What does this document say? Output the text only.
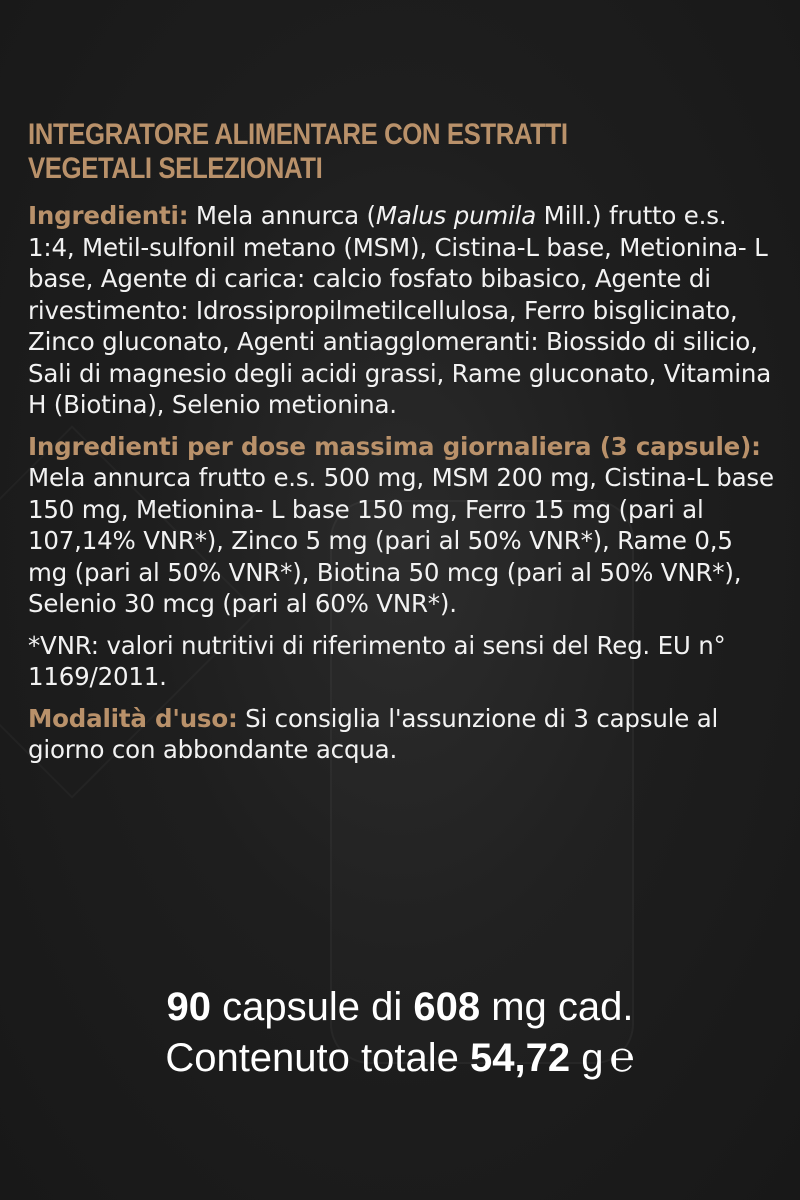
INTEGRATORE ALIMENTARE CON ESTRATTI
VEGETALI SELEZIONATI

Ingredienti: Mela annurca (Malus pumila Mill.) frutto e.s. 1:4, Metil-sulfonil metano (MSM), Cistina-L base, Metionina- L base, Agente di carica: calcio fosfato bibasico, Agente di rivestimento: Idrossipropilmetilcellulosa, Ferro bisglicinato, Zinco gluconato, Agenti antiagglomeranti: Biossido di silicio, Sali di magnesio degli acidi grassi, Rame gluconato, Vitamina H (Biotina), Selenio metionina.

Ingredienti per dose massima giornaliera (3 capsule): Mela annurca frutto e.s. 500 mg, MSM 200 mg, Cistina-L base 150 mg, Metionina- L base 150 mg, Ferro 15 mg (pari al 107,14% VNR*), Zinco 5 mg (pari al 50% VNR*), Rame 0,5 mg (pari al 50% VNR*), Biotina 50 mcg (pari al 50% VNR*), Selenio 30 mcg (pari al 60% VNR*).

*VNR: valori nutritivi di riferimento ai sensi del Reg. EU n° 1169/2011.

Modalità d'uso: Si consiglia l'assunzione di 3 capsule al giorno con abbondante acqua.

90 capsule di 608 mg cad.
Contenuto totale 54,72 g ℮
